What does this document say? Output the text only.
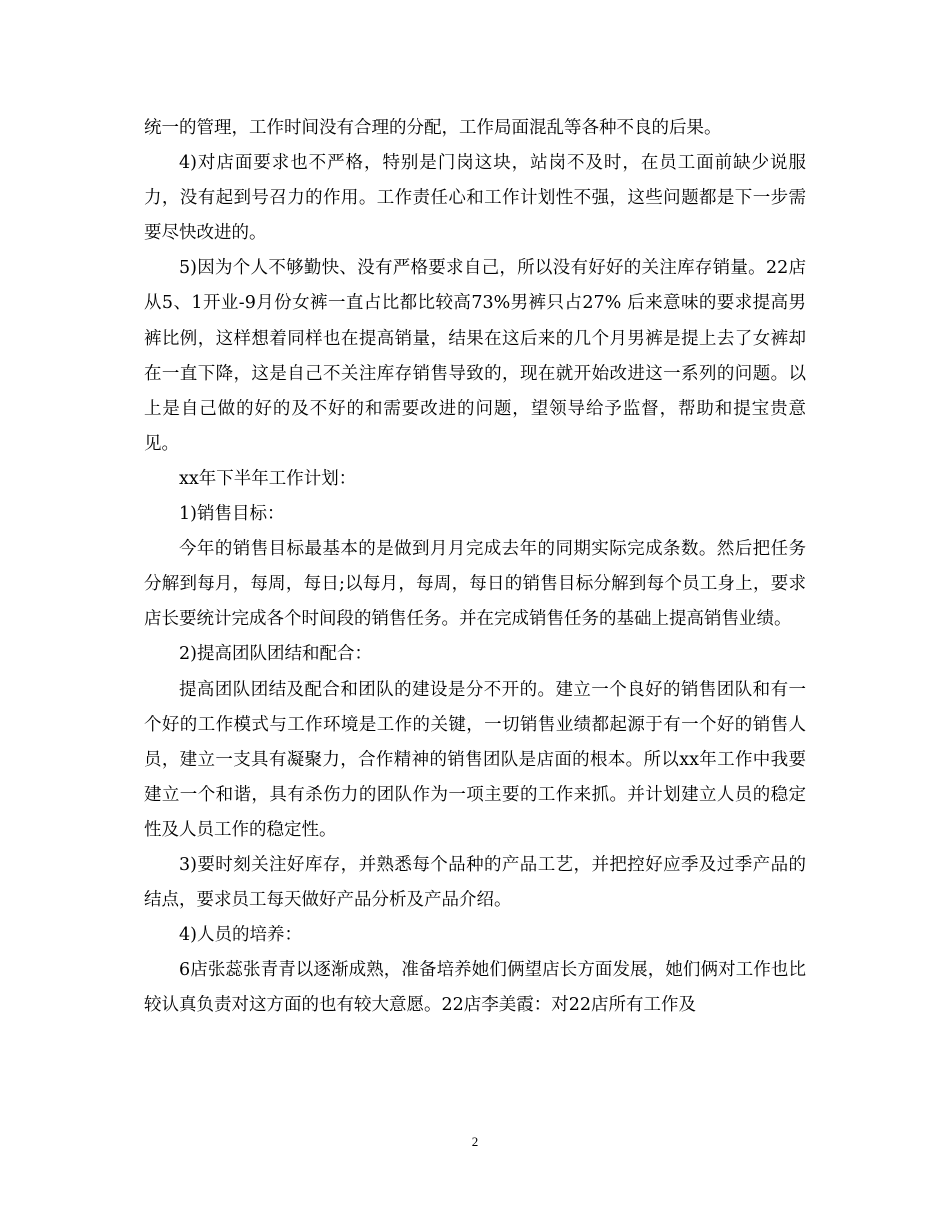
统一的管理，工作时间没有合理的分配，工作局面混乱等各种不良的后果。

4)对店面要求也不严格，特别是门岗这块，站岗不及时，在员工面前缺少说服力，没有起到号召力的作用。工作责任心和工作计划性不强，这些问题都是下一步需要尽快改进的。

5)因为个人不够勤快、没有严格要求自己，所以没有好好的关注库存销量。22店从5、1开业-9月份女裤一直占比都比较高73%男裤只占27% 后来意味的要求提高男裤比例，这样想着同样也在提高销量，结果在这后来的几个月男裤是提上去了女裤却在一直下降，这是自己不关注库存销售导致的，现在就开始改进这一系列的问题。以上是自己做的好的及不好的和需要改进的问题，望领导给予监督，帮助和提宝贵意见。

xx年下半年工作计划：

1)销售目标：

今年的销售目标最基本的是做到月月完成去年的同期实际完成条数。然后把任务分解到每月，每周，每日;以每月，每周，每日的销售目标分解到每个员工身上，要求店长要统计完成各个时间段的销售任务。并在完成销售任务的基础上提高销售业绩。

2)提高团队团结和配合：

提高团队团结及配合和团队的建设是分不开的。建立一个良好的销售团队和有一个好的工作模式与工作环境是工作的关键，一切销售业绩都起源于有一个好的销售人员，建立一支具有凝聚力，合作精神的销售团队是店面的根本。所以xx年工作中我要建立一个和谐，具有杀伤力的团队作为一项主要的工作来抓。并计划建立人员的稳定性及人员工作的稳定性。

3)要时刻关注好库存，并熟悉每个品种的产品工艺，并把控好应季及过季产品的结点，要求员工每天做好产品分析及产品介绍。

4)人员的培养：

6店张蕊张青青以逐渐成熟，准备培养她们俩望店长方面发展，她们俩对工作也比较认真负责对这方面的也有较大意愿。22店李美霞：对22店所有工作及

2
